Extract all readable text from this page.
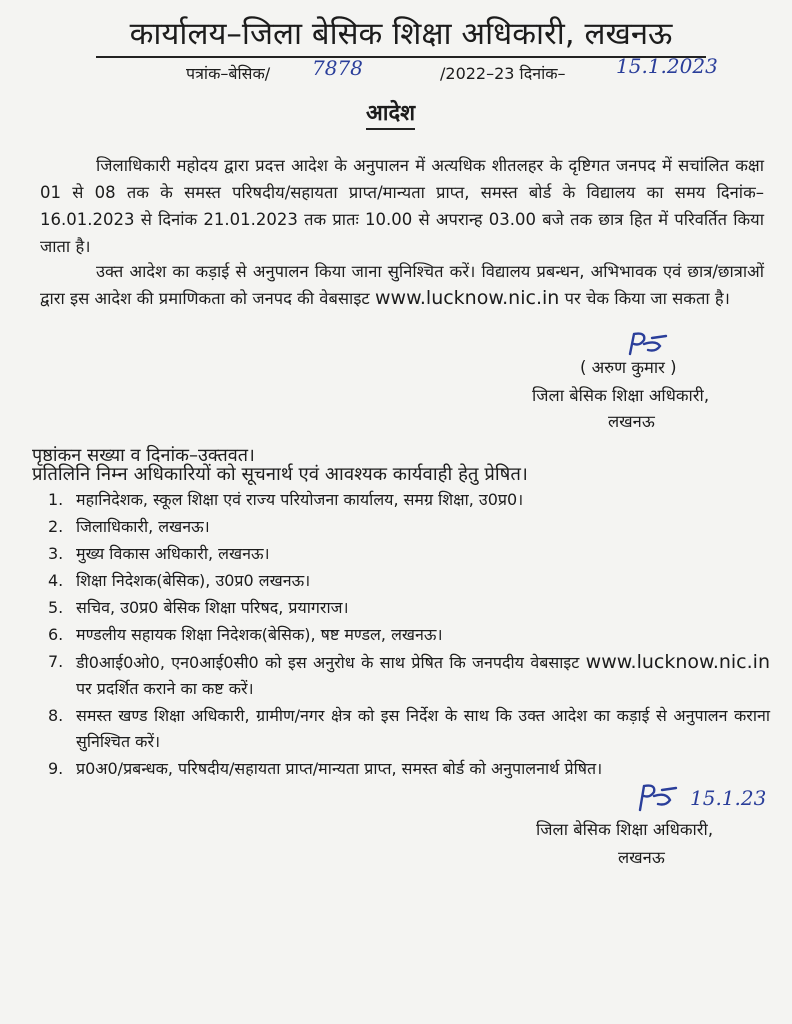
कार्यालय–जिला बेसिक शिक्षा अधिकारी, लखनऊ
पत्रांक–बेसिक/ 7878	/2022–23 दिनांक–	15.1.2023
आदेश
जिलाधिकारी महोदय द्वारा प्रदत्त आदेश के अनुपालन में अत्यधिक शीतलहर के दृष्टिगत जनपद में सचांलित कक्षा 01 से 08 तक के समस्त परिषदीय/सहायता प्राप्त/मान्यता प्राप्त, समस्त बोर्ड के विद्यालय का समय दिनांक–16.01.2023 से दिनांक 21.01.2023 तक प्रातः 10.00 से अपरान्ह 03.00 बजे तक छात्र हित में परिवर्तित किया जाता है।
उक्त आदेश का कड़ाई से अनुपालन किया जाना सुनिश्चित करें। विद्यालय प्रबन्धन, अभिभावक एवं छात्र/छात्राओं द्वारा इस आदेश की प्रमाणिकता को जनपद की वेबसाइट www.lucknow.nic.in पर चेक किया जा सकता है।
( अरुण कुमार )
जिला बेसिक शिक्षा अधिकारी,
लखनऊ
पृष्ठांकन सख्या व दिनांक–उक्तवत।
प्रतिलिनि निम्न अधिकारियों को सूचनार्थ एवं आवश्यक कार्यवाही हेतु प्रेषित।
1. महानिदेशक, स्कूल शिक्षा एवं राज्य परियोजना कार्यालय, समग्र शिक्षा, उ0प्र0।
2. जिलाधिकारी, लखनऊ।
3. मुख्य विकास अधिकारी, लखनऊ।
4. शिक्षा निदेशक(बेसिक), उ0प्र0 लखनऊ।
5. सचिव, उ0प्र0 बेसिक शिक्षा परिषद, प्रयागराज।
6. मण्डलीय सहायक शिक्षा निदेशक(बेसिक), षष्ट मण्डल, लखनऊ।
7. डी0आई0ओ0, एन0आई0सी0 को इस अनुरोध के साथ प्रेषित कि जनपदीय वेबसाइट www.lucknow.nic.in पर प्रदर्शित कराने का कष्ट करें।
8. समस्त खण्ड शिक्षा अधिकारी, ग्रामीण/नगर क्षेत्र को इस निर्देश के साथ कि उक्त आदेश का कड़ाई से अनुपालन कराना सुनिश्चित करें।
9. प्र0अ0/प्रबन्धक, परिषदीय/सहायता प्राप्त/मान्यता प्राप्त, समस्त बोर्ड को अनुपालनार्थ प्रेषित।
15.1.23
जिला बेसिक शिक्षा अधिकारी,
लखनऊ
